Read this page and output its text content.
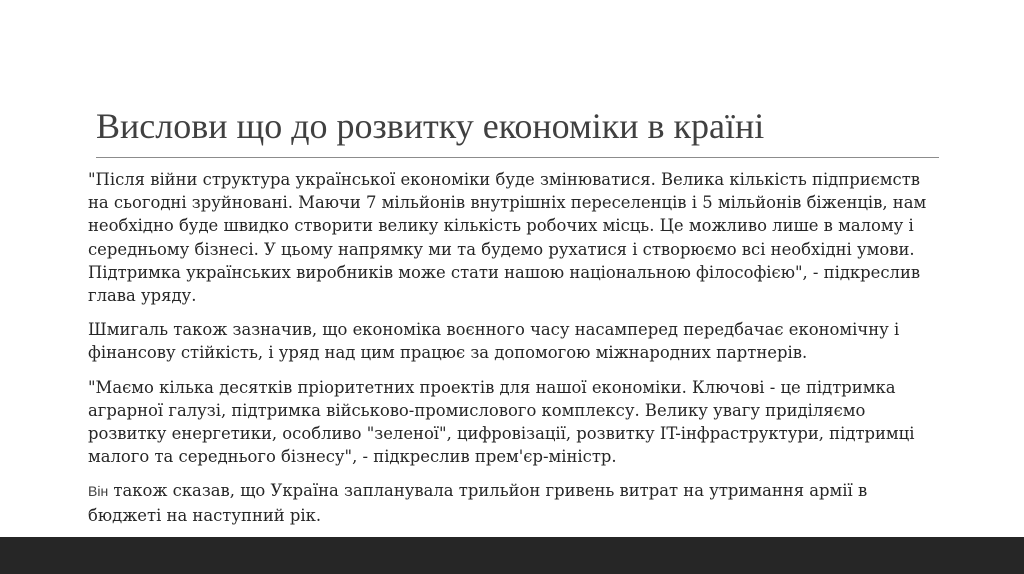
Вислови що до розвитку економіки в країні

"Після війни структура української економіки буде змінюватися. Велика кількість підприємств на сьогодні зруйновані. Маючи 7 мільйонів внутрішніх переселенців і 5 мільйонів біженців, нам необхідно буде швидко створити велику кількість робочих місць. Це можливо лише в малому і середньому бізнесі. У цьому напрямку ми та будемо рухатися і створюємо всі необхідні умови. Підтримка українських виробників може стати нашою національною філософією", - підкреслив глава уряду.

Шмигаль також зазначив, що економіка воєнного часу насамперед передбачає економічну і фінансову стійкість, і уряд над цим працює за допомогою міжнародних партнерів.

"Маємо кілька десятків пріоритетних проектів для нашої економіки. Ключові - це підтримка аграрної галузі, підтримка військово-промислового комплексу. Велику увагу приділяємо розвитку енергетики, особливо "зеленої", цифровізації, розвитку IT-інфраструктури, підтримці малого та середнього бізнесу", - підкреслив прем'єр-міністр.

Він також сказав, що Україна запланувала трильйон гривень витрат на утримання армії в бюджеті на наступний рік.
